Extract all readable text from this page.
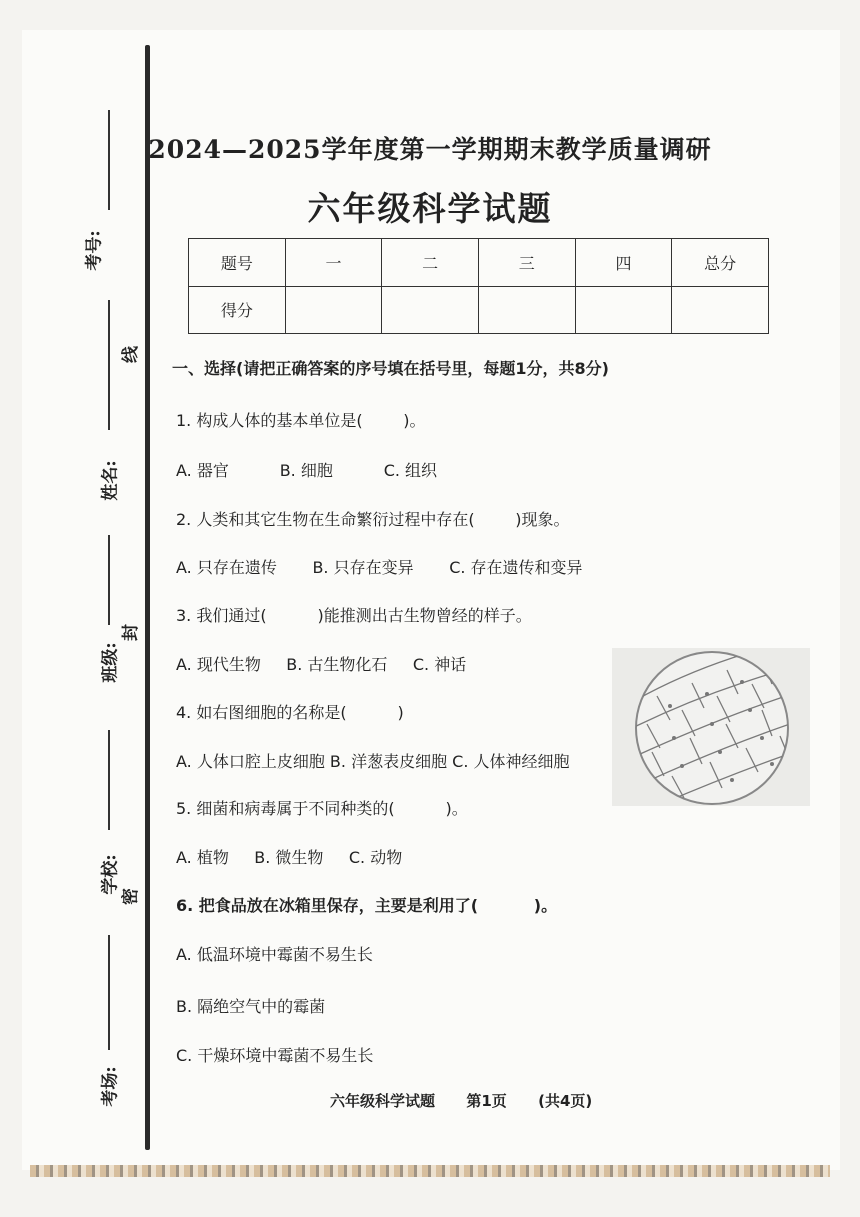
考号:
线
姓名:
封
班级:
学校:
密
考场:
2024—2025学年度第一学期期末教学质量调研
六年级科学试题
题号	一	二	三	四	总分
得分					
一、选择(请把正确答案的序号填在括号里，每题1分，共8分)
1. 构成人体的基本单位是(        )。
A. 器官          B. 细胞          C. 组织
2. 人类和其它生物在生命繁衍过程中存在(        )现象。
A. 只存在遗传       B. 只存在变异       C. 存在遗传和变异
3. 我们通过(          )能推测出古生物曾经的样子。
A. 现代生物     B. 古生物化石     C. 神话
4. 如右图细胞的名称是(          )
A. 人体口腔上皮细胞 B. 洋葱表皮细胞 C. 人体神经细胞
5. 细菌和病毒属于不同种类的(          )。
A. 植物     B. 微生物     C. 动物
6. 把食品放在冰箱里保存，主要是利用了(          )。
A. 低温环境中霉菌不易生长
B. 隔绝空气中的霉菌
C. 干燥环境中霉菌不易生长
六年级科学试题      第1页      (共4页)
